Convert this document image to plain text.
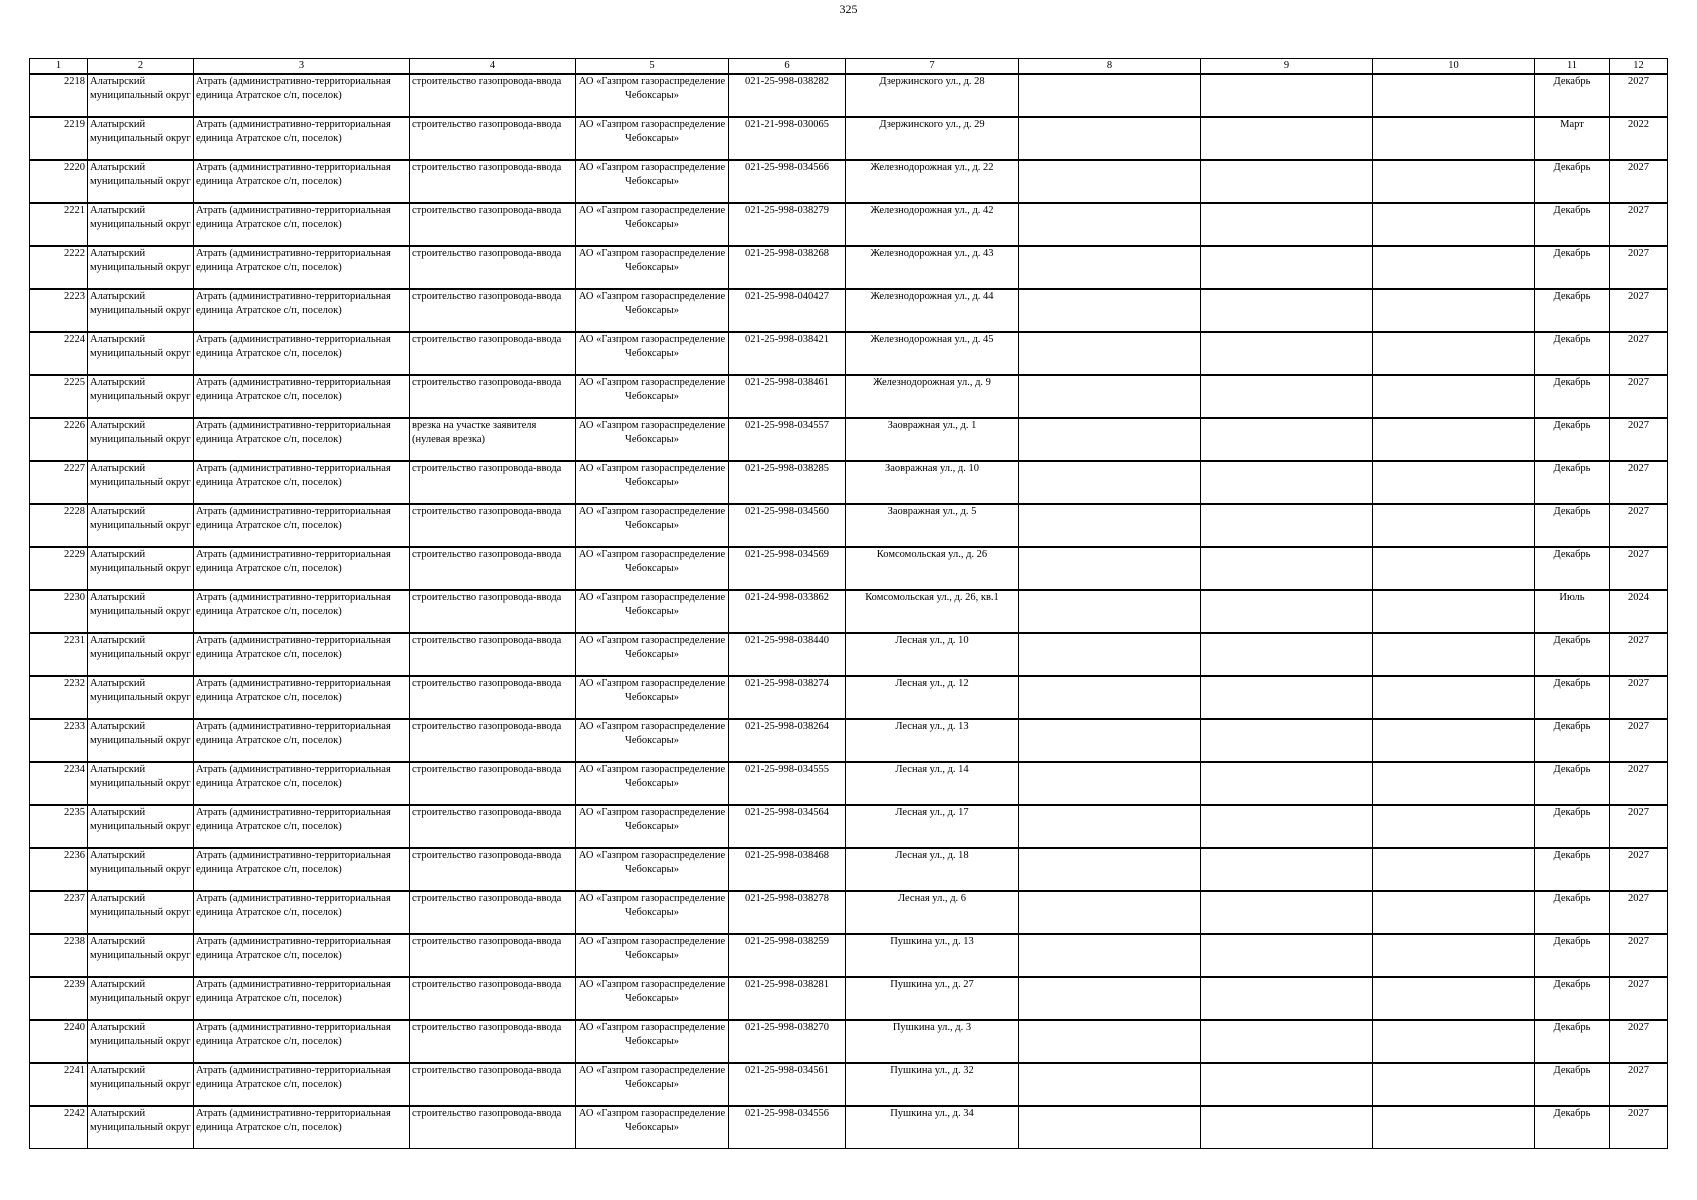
325
1	2	3	4	5	6	7	8	9	10	11	12
2218	Алатырский муниципальный округ	Атрать (административно-территориальная единица Атратское с/п, поселок)	строительство газопровода-ввода	АО «Газпром газораспределение Чебоксары»	021-25-998-038282	Дзержинского ул., д. 28				Декабрь	2027
2219	Алатырский муниципальный округ	Атрать (административно-территориальная единица Атратское с/п, поселок)	строительство газопровода-ввода	АО «Газпром газораспределение Чебоксары»	021-21-998-030065	Дзержинского ул., д. 29				Март	2022
2220	Алатырский муниципальный округ	Атрать (административно-территориальная единица Атратское с/п, поселок)	строительство газопровода-ввода	АО «Газпром газораспределение Чебоксары»	021-25-998-034566	Железнодорожная ул., д. 22				Декабрь	2027
2221	Алатырский муниципальный округ	Атрать (административно-территориальная единица Атратское с/п, поселок)	строительство газопровода-ввода	АО «Газпром газораспределение Чебоксары»	021-25-998-038279	Железнодорожная ул., д. 42				Декабрь	2027
2222	Алатырский муниципальный округ	Атрать (административно-территориальная единица Атратское с/п, поселок)	строительство газопровода-ввода	АО «Газпром газораспределение Чебоксары»	021-25-998-038268	Железнодорожная ул., д. 43				Декабрь	2027
2223	Алатырский муниципальный округ	Атрать (административно-территориальная единица Атратское с/п, поселок)	строительство газопровода-ввода	АО «Газпром газораспределение Чебоксары»	021-25-998-040427	Железнодорожная ул., д. 44				Декабрь	2027
2224	Алатырский муниципальный округ	Атрать (административно-территориальная единица Атратское с/п, поселок)	строительство газопровода-ввода	АО «Газпром газораспределение Чебоксары»	021-25-998-038421	Железнодорожная ул., д. 45				Декабрь	2027
2225	Алатырский муниципальный округ	Атрать (административно-территориальная единица Атратское с/п, поселок)	строительство газопровода-ввода	АО «Газпром газораспределение Чебоксары»	021-25-998-038461	Железнодорожная ул., д. 9				Декабрь	2027
2226	Алатырский муниципальный округ	Атрать (административно-территориальная единица Атратское с/п, поселок)	врезка на участке заявителя (нулевая врезка)	АО «Газпром газораспределение Чебоксары»	021-25-998-034557	Заовражная ул., д. 1				Декабрь	2027
2227	Алатырский муниципальный округ	Атрать (административно-территориальная единица Атратское с/п, поселок)	строительство газопровода-ввода	АО «Газпром газораспределение Чебоксары»	021-25-998-038285	Заовражная ул., д. 10				Декабрь	2027
2228	Алатырский муниципальный округ	Атрать (административно-территориальная единица Атратское с/п, поселок)	строительство газопровода-ввода	АО «Газпром газораспределение Чебоксары»	021-25-998-034560	Заовражная ул., д. 5				Декабрь	2027
2229	Алатырский муниципальный округ	Атрать (административно-территориальная единица Атратское с/п, поселок)	строительство газопровода-ввода	АО «Газпром газораспределение Чебоксары»	021-25-998-034569	Комсомольская ул., д. 26				Декабрь	2027
2230	Алатырский муниципальный округ	Атрать (административно-территориальная единица Атратское с/п, поселок)	строительство газопровода-ввода	АО «Газпром газораспределение Чебоксары»	021-24-998-033862	Комсомольская ул., д. 26, кв.1				Июль	2024
2231	Алатырский муниципальный округ	Атрать (административно-территориальная единица Атратское с/п, поселок)	строительство газопровода-ввода	АО «Газпром газораспределение Чебоксары»	021-25-998-038440	Лесная ул., д. 10				Декабрь	2027
2232	Алатырский муниципальный округ	Атрать (административно-территориальная единица Атратское с/п, поселок)	строительство газопровода-ввода	АО «Газпром газораспределение Чебоксары»	021-25-998-038274	Лесная ул., д. 12				Декабрь	2027
2233	Алатырский муниципальный округ	Атрать (административно-территориальная единица Атратское с/п, поселок)	строительство газопровода-ввода	АО «Газпром газораспределение Чебоксары»	021-25-998-038264	Лесная ул., д. 13				Декабрь	2027
2234	Алатырский муниципальный округ	Атрать (административно-территориальная единица Атратское с/п, поселок)	строительство газопровода-ввода	АО «Газпром газораспределение Чебоксары»	021-25-998-034555	Лесная ул., д. 14				Декабрь	2027
2235	Алатырский муниципальный округ	Атрать (административно-территориальная единица Атратское с/п, поселок)	строительство газопровода-ввода	АО «Газпром газораспределение Чебоксары»	021-25-998-034564	Лесная ул., д. 17				Декабрь	2027
2236	Алатырский муниципальный округ	Атрать (административно-территориальная единица Атратское с/п, поселок)	строительство газопровода-ввода	АО «Газпром газораспределение Чебоксары»	021-25-998-038468	Лесная ул., д. 18				Декабрь	2027
2237	Алатырский муниципальный округ	Атрать (административно-территориальная единица Атратское с/п, поселок)	строительство газопровода-ввода	АО «Газпром газораспределение Чебоксары»	021-25-998-038278	Лесная ул., д. 6				Декабрь	2027
2238	Алатырский муниципальный округ	Атрать (административно-территориальная единица Атратское с/п, поселок)	строительство газопровода-ввода	АО «Газпром газораспределение Чебоксары»	021-25-998-038259	Пушкина ул., д. 13				Декабрь	2027
2239	Алатырский муниципальный округ	Атрать (административно-территориальная единица Атратское с/п, поселок)	строительство газопровода-ввода	АО «Газпром газораспределение Чебоксары»	021-25-998-038281	Пушкина ул., д. 27				Декабрь	2027
2240	Алатырский муниципальный округ	Атрать (административно-территориальная единица Атратское с/п, поселок)	строительство газопровода-ввода	АО «Газпром газораспределение Чебоксары»	021-25-998-038270	Пушкина ул., д. 3				Декабрь	2027
2241	Алатырский муниципальный округ	Атрать (административно-территориальная единица Атратское с/п, поселок)	строительство газопровода-ввода	АО «Газпром газораспределение Чебоксары»	021-25-998-034561	Пушкина ул., д. 32				Декабрь	2027
2242	Алатырский муниципальный округ	Атрать (административно-территориальная единица Атратское с/п, поселок)	строительство газопровода-ввода	АО «Газпром газораспределение Чебоксары»	021-25-998-034556	Пушкина ул., д. 34				Декабрь	2027
